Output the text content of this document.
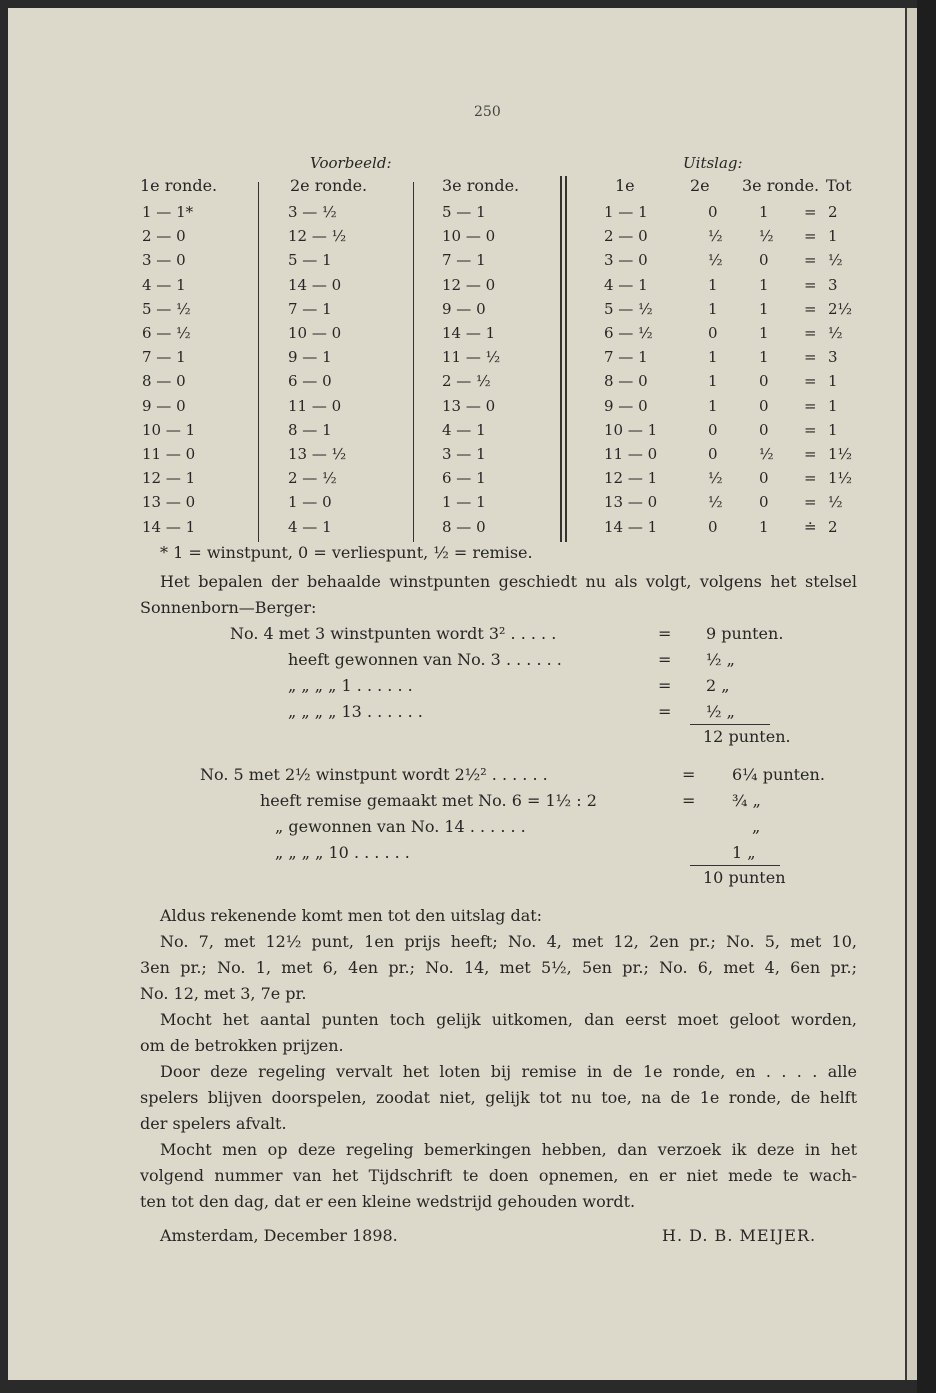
250
Voorbeeld:	Uitslag:
1e ronde.	2e ronde.	3e ronde.	1e	2e 3e ronde. Tot
1 — 1*	3 — ½	5 — 1	1 — 1	0	1 = 2
2 — 0	12 — ½	10 — 0	2 — 0	½ ½ = 1
3 — 0	5 — 1	7 — 1	3 — 0	½ 0 = ½
4 — 1	14 — 0	12 — 0	4 — 1	1	1 = 3
5 — ½	7 — 1	9 — 0	5 — ½	1	1 = 2½
6 — ½	10 — 0	14 — 1	6 — ½	0	1 = ½
7 — 1	9 — 1	11 — ½	7 — 1	1	1 = 3
8 — 0	6 — 0	2 — ½	8 — 0	1	0 = 1
9 — 0	11 — 0	13 — 0	9 — 0	1	0 = 1
10 — 1	8 — 1	4 — 1	10 — 1	0	0 = 1
11 — 0	13 — ½	3 — 1	11 — 0	0	½ = 1½
12 — 1	2 — ½	6 — 1	12 — 1	½ 0 = 1½
13 — 0	1 — 0	1 — 1	13 — 0	½ 0 = ½
14 — 1	4 — 1	8 — 0	14 — 1	0	1 ≐ 2
* 1 = winstpunt, 0 = verliespunt, ½ = remise.
Het bepalen der behaalde winstpunten geschiedt nu als volgt, volgens het stelsel
Sonnenborn—Berger:
No. 4 met 3 winstpunten wordt 3² . . . . .	= 9 punten.
heeft gewonnen van No. 3 . . . . . .	= ½ „
„ „ „ „ 1 . . . . . .	= 2 „
„ „ „ „ 13 . . . . . .	= ½ „
12 punten.
No. 5 met 2½ winstpunt wordt 2½² . . . . . .	= 6¼ punten.
heeft remise gemaakt met No. 6 = 1½ : 2	= ¾ „
„ gewonnen van No. 14 . . . . . .	„
„ „ „ „ 10 . . . . . .	1 „
10 punten
Aldus rekenende komt men tot den uitslag dat:
No. 7, met 12½ punt, 1en prijs heeft; No. 4, met 12, 2en pr.; No. 5, met 10,
3en pr.; No. 1, met 6, 4en pr.; No. 14, met 5½, 5en pr.; No. 6, met 4, 6en pr.;
No. 12, met 3, 7e pr.
Mocht het aantal punten toch gelijk uitkomen, dan eerst moet geloot worden,
om de betrokken prijzen.
Door deze regeling vervalt het loten bij remise in de 1e ronde, en . . . . alle
spelers blijven doorspelen, zoodat niet, gelijk tot nu toe, na de 1e ronde, de helft
der spelers afvalt.
Mocht men op deze regeling bemerkingen hebben, dan verzoek ik deze in het
volgend nummer van het Tijdschrift te doen opnemen, en er niet mede te wach-
ten tot den dag, dat er een kleine wedstrijd gehouden wordt.
Amsterdam, December 1898.	H. D. B. MEIJER.
